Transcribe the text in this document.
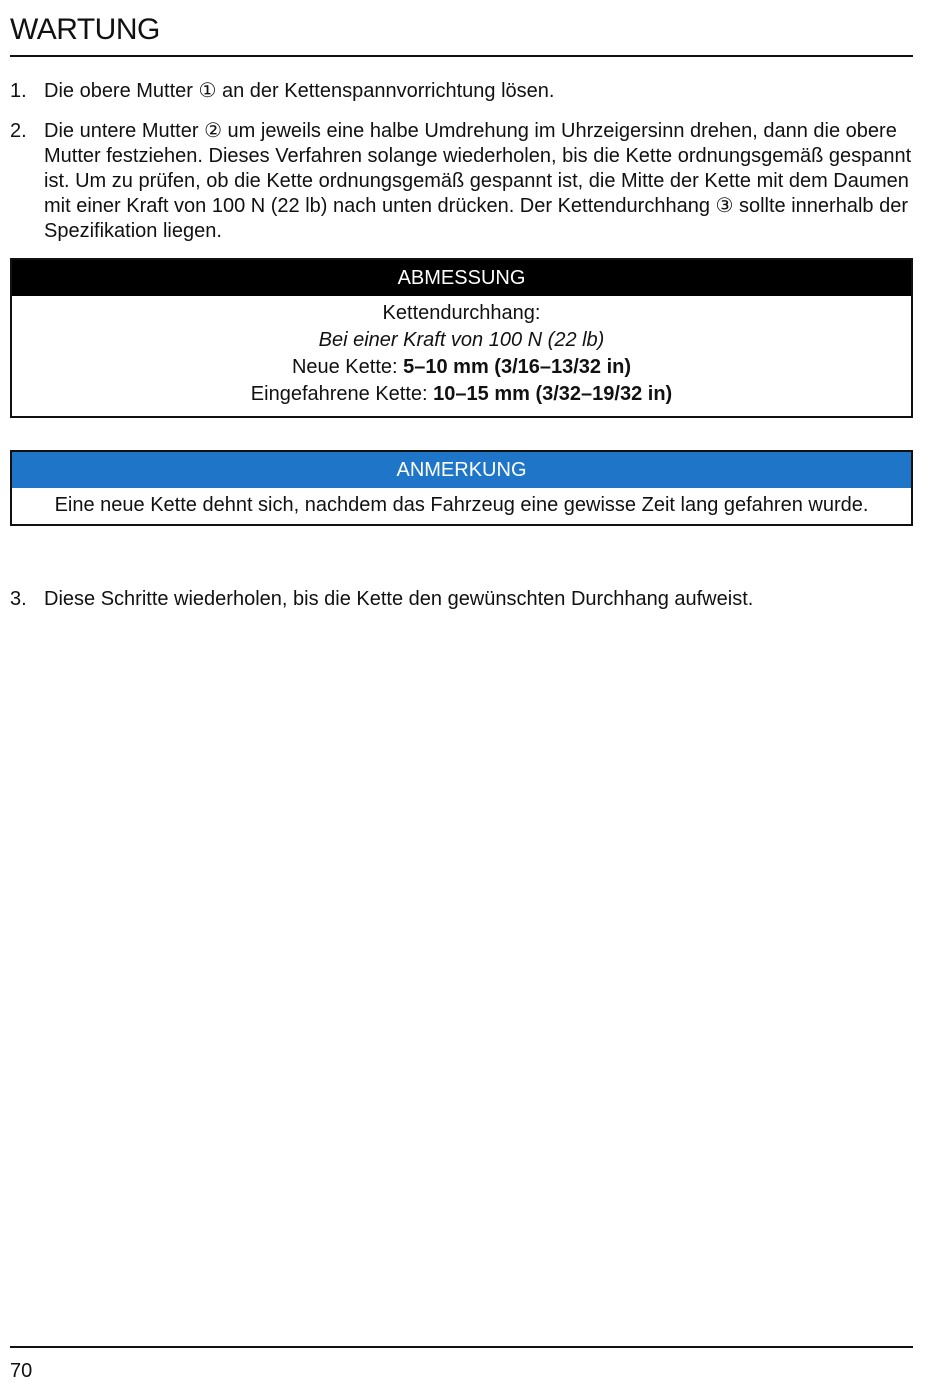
WARTUNG
1. Die obere Mutter ① an der Kettenspannvorrichtung lösen.
2. Die untere Mutter ② um jeweils eine halbe Umdrehung im Uhrzeigersinn drehen, dann die obere Mutter festziehen. Dieses Verfahren solange wiederholen, bis die Kette ordnungsgemäß gespannt ist. Um zu prüfen, ob die Kette ordnungsgemäß gespannt ist, die Mitte der Kette mit dem Daumen mit einer Kraft von 100 N (22 lb) nach unten drücken. Der Kettendurchhang ③ sollte innerhalb der Spezifikation liegen.
ABMESSUNG
Kettendurchhang:
Bei einer Kraft von 100 N (22 lb)
Neue Kette: 5–10 mm (3/16–13/32 in)
Eingefahrene Kette: 10–15 mm (3/32–19/32 in)
ANMERKUNG
Eine neue Kette dehnt sich, nachdem das Fahrzeug eine gewisse Zeit lang gefahren wurde.
3. Diese Schritte wiederholen, bis die Kette den gewünschten Durchhang aufweist.
70
